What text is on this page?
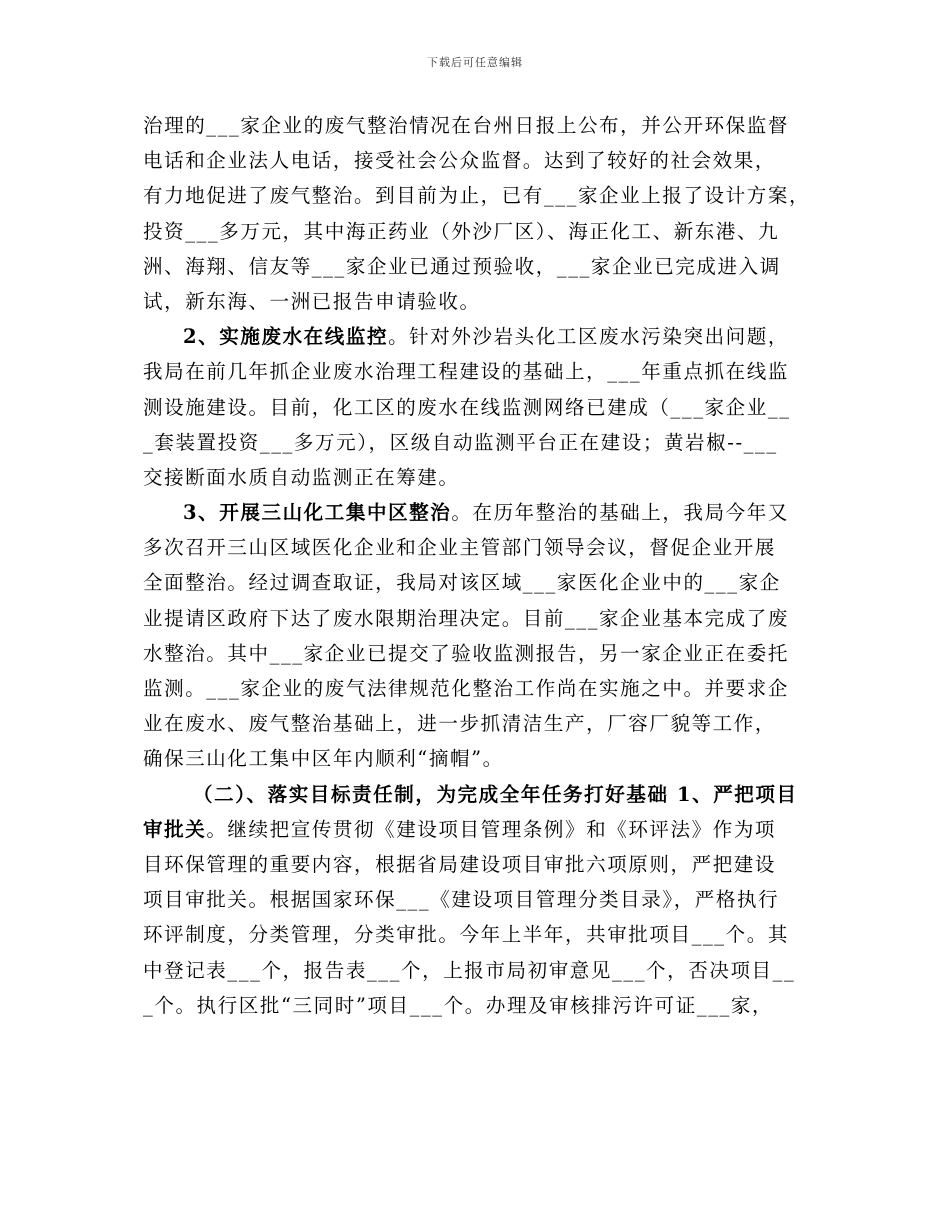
下载后可任意编辑
治理的___家企业的废气整治情况在台州日报上公布，并公开环保监督
电话和企业法人电话，接受社会公众监督。达到了较好的社会效果，
有力地促进了废气整治。到目前为止，已有___家企业上报了设计方案，
投资___多万元，其中海正药业（外沙厂区）、海正化工、新东港、九
洲、海翔、信友等___家企业已通过预验收，___家企业已完成进入调
试，新东海、一洲已报告申请验收。
2、实施废水在线监控。针对外沙岩头化工区废水污染突出问题，
我局在前几年抓企业废水治理工程建设的基础上，___年重点抓在线监
测设施建设。目前，化工区的废水在线监测网络已建成（___家企业__
_套装置投资___多万元），区级自动监测平台正在建设；黄岩椒--___
交接断面水质自动监测正在筹建。
3、开展三山化工集中区整治。在历年整治的基础上，我局今年又
多次召开三山区域医化企业和企业主管部门领导会议，督促企业开展
全面整治。经过调查取证，我局对该区域___家医化企业中的___家企
业提请区政府下达了废水限期治理决定。目前___家企业基本完成了废
水整治。其中___家企业已提交了验收监测报告，另一家企业正在委托
监测。___家企业的废气法律规范化整治工作尚在实施之中。并要求企
业在废水、废气整治基础上，进一步抓清洁生产，厂容厂貌等工作，
确保三山化工集中区年内顺利“摘帽”。
（二）、落实目标责任制，为完成全年任务打好基础 1、严把项目
审批关。继续把宣传贯彻《建设项目管理条例》和《环评法》作为项
目环保管理的重要内容，根据省局建设项目审批六项原则，严把建设
项目审批关。根据国家环保___《建设项目管理分类目录》，严格执行
环评制度，分类管理，分类审批。今年上半年，共审批项目___个。其
中登记表___个，报告表___个，上报市局初审意见___个，否决项目__
_个。执行区批“三同时”项目___个。办理及审核排污许可证___家，
